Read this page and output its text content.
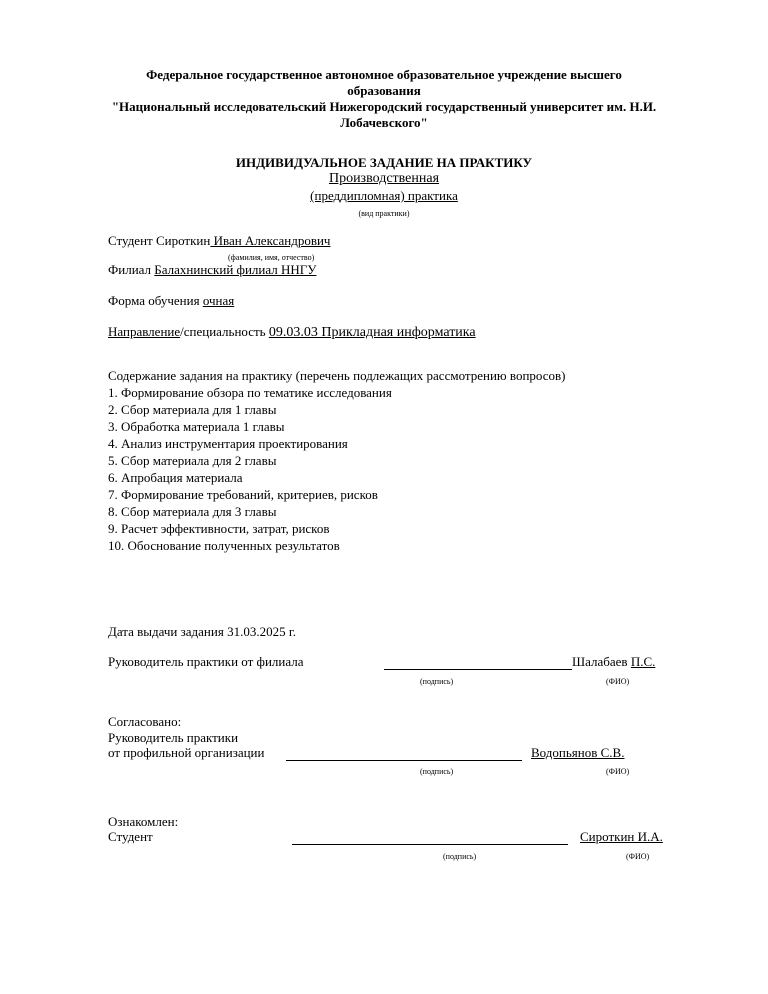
Федеральное государственное автономное образовательное учреждение высшего
образования
"Национальный исследовательский Нижегородский государственный университет им. Н.И.
Лобачевского"
ИНДИВИДУАЛЬНОЕ ЗАДАНИЕ НА ПРАКТИКУ
Производственная
(преддипломная) практика
(вид практики)
Студент Сироткин Иван Александрович
(фамилия, имя, отчество)
Филиал Балахнинский филиал ННГУ
Форма обучения очная
Направление/специальность 09.03.03 Прикладная информатика
Содержание задания на практику (перечень подлежащих рассмотрению вопросов)
1. Формирование обзора по тематике исследования
2. Сбор материала для 1 главы
3. Обработка материала 1 главы
4. Анализ инструментария проектирования
5. Сбор материала для 2 главы
6. Апробация материала
7. Формирование требований, критериев, рисков
8. Сбор материала для 3 главы
9. Расчет эффективности, затрат, рисков
10. Обоснование полученных результатов
Дата выдачи задания 31.03.2025 г.
Руководитель практики от филиала	Шалабаев П.С.
(подпись)	(ФИО)
Согласовано:
Руководитель практики
от профильной организации	Водопьянов С.В.
(подпись)	(ФИО)
Ознакомлен:
Студент	Сироткин И.А.
(подпись)	(ФИО)
